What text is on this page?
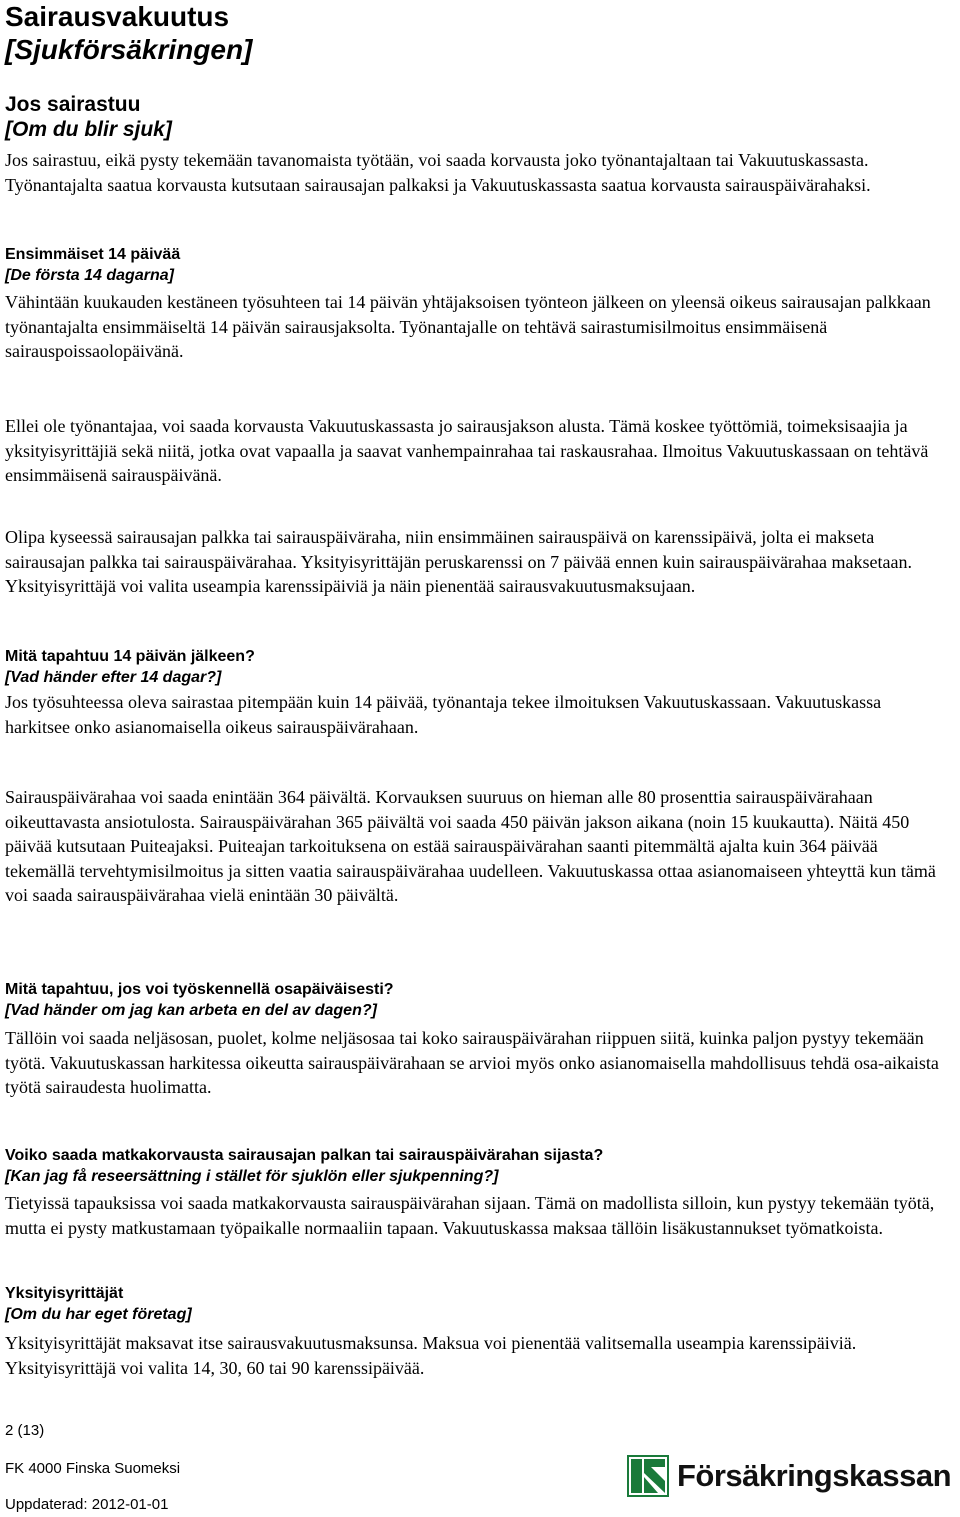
Sairausvakuutus
[Sjukförsäkringen]
Jos sairastuu
[Om du blir sjuk]

Jos sairastuu, eikä pysty tekemään tavanomaista työtään, voi saada korvausta joko työnantajaltaan tai Vakuutuskassasta. Työnantajalta saatua korvausta kutsutaan sairausajan palkaksi ja Vakuutuskassasta saatua korvausta sairauspäivärahaksi.

Ensimmäiset 14 päivää
[De första 14 dagarna]

Vähintään kuukauden kestäneen työsuhteen tai 14 päivän yhtäjaksoisen työnteon jälkeen on yleensä oikeus sairausajan palkkaan työnantajalta ensimmäiseltä 14 päivän sairausjaksolta. Työnantajalle on tehtävä sairastumisilmoitus ensimmäisenä sairauspoissaolopäivänä.

Ellei ole työnantajaa, voi saada korvausta Vakuutuskassasta jo sairausjakson alusta. Tämä koskee työttömiä, toimeksisaajia ja yksityisyrittäjiä sekä niitä, jotka ovat vapaalla ja saavat vanhempainrahaa tai raskausrahaa. Ilmoitus Vakuutuskassaan on tehtävä ensimmäisenä sairauspäivänä.

Olipa kyseessä sairausajan palkka tai sairauspäiväraha, niin ensimmäinen sairauspäivä on karenssipäivä, jolta ei makseta sairausajan palkka tai sairauspäivärahaa. Yksityisyrittäjän peruskarenssi on 7 päivää ennen kuin sairauspäivärahaa maksetaan. Yksityisyrittäjä voi valita useampia karenssipäiviä ja näin pienentää sairausvakuutusmaksujaan.

Mitä tapahtuu 14 päivän jälkeen?
[Vad händer efter 14 dagar?]

Jos työsuhteessa oleva sairastaa pitempään kuin 14 päivää, työnantaja tekee ilmoituksen Vakuutuskassaan. Vakuutuskassa harkitsee onko asianomaisella oikeus sairauspäivärahaan.

Sairauspäivärahaa voi saada enintään 364 päivältä. Korvauksen suuruus on hieman alle 80 prosenttia sairauspäivärahaan oikeuttavasta ansiotulosta. Sairauspäivärahan 365 päivältä voi saada 450 päivän jakson aikana (noin 15 kuukautta). Näitä 450 päivää kutsutaan Puiteajaksi. Puiteajan tarkoituksena on estää sairauspäivärahan saanti pitemmältä ajalta kuin 364 päivää tekemällä tervehtymisilmoitus ja sitten vaatia sairauspäivärahaa uudelleen. Vakuutuskassa ottaa asianomaiseen yhteyttä kun tämä voi saada sairauspäivärahaa vielä enintään 30 päivältä.

Mitä tapahtuu, jos voi työskennellä osapäiväisesti?
[Vad händer om jag kan arbeta en del av dagen?]

Tällöin voi saada neljäsosan, puolet, kolme neljäsosaa tai koko sairauspäivärahan riippuen siitä, kuinka paljon pystyy tekemään työtä. Vakuutuskassan harkitessa oikeutta sairauspäivärahaan se arvioi myös onko asianomaisella mahdollisuus tehdä osa-aikaista työtä sairaudesta huolimatta.

Voiko saada matkakorvausta sairausajan palkan tai sairauspäivärahan sijasta?
[Kan jag få reseersättning i stället för sjuklön eller sjukpenning?]

Tietyissä tapauksissa voi saada matkakorvausta sairauspäivärahan sijaan. Tämä on madollista silloin, kun pystyy tekemään työtä, mutta ei pysty matkustamaan työpaikalle normaaliin tapaan. Vakuutuskassa maksaa tällöin lisäkustannukset työmatkoista.

Yksityisyrittäjät
[Om du har eget företag]

Yksityisyrittäjät maksavat itse sairausvakuutusmaksunsa. Maksua voi pienentää valitsemalla useampia karenssipäiviä. Yksityisyrittäjä voi valita 14, 30, 60 tai 90 karenssipäivää.

2 (13)
FK 4000 Finska Suomeksi
Uppdaterad: 2012-01-01
Försäkringskassan
